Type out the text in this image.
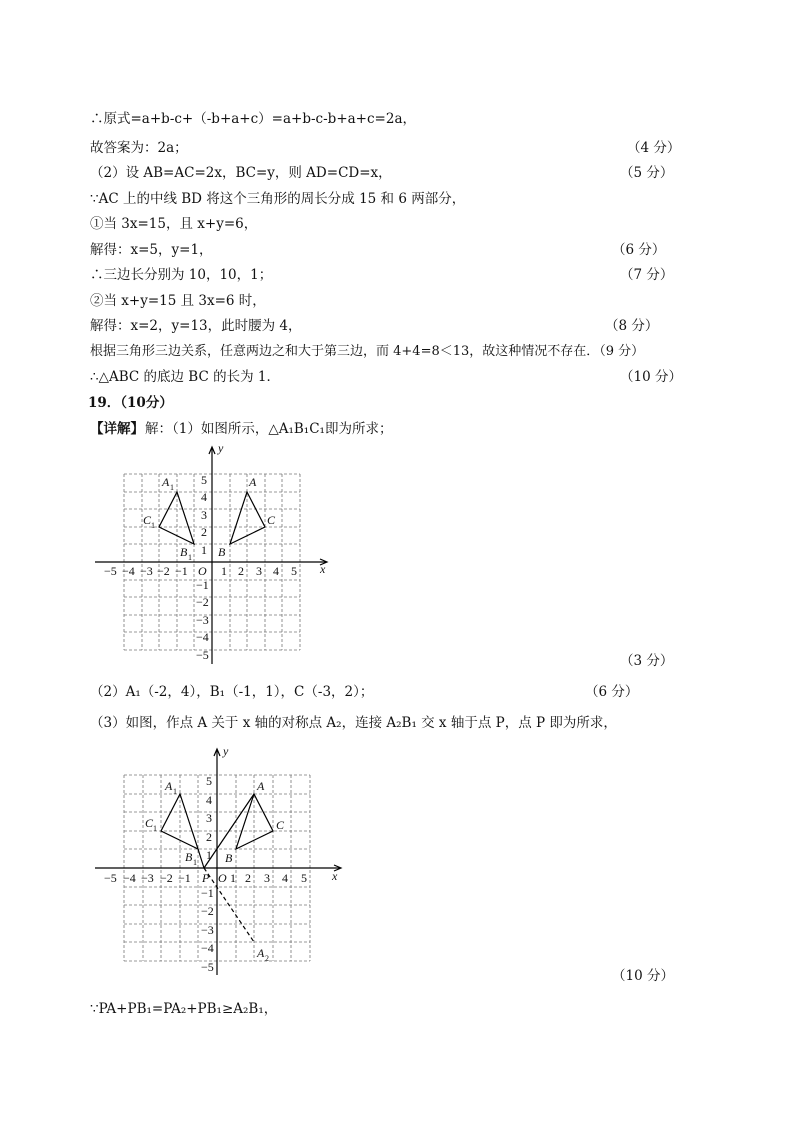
∴原式=a+b-c+（-b+a+c）=a+b-c-b+a+c=2a，
故答案为：2a；	（4 分）
（2）设 AB=AC=2x，BC=y，则 AD=CD=x，	（5 分）
∵AC 上的中线 BD 将这个三角形的周长分成 15 和 6 两部分，
①当 3x=15，且 x+y=6，
解得：x=5，y=1，	（6 分）
∴三边长分别为 10，10，1；	（7 分）
②当 x+y=15 且 3x=6 时，
解得：x=2，y=13，此时腰为 4，	（8 分）
根据三角形三边关系，任意两边之和大于第三边，而 4+4=8＜13，故这种情况不存在．（9 分）
∴△ABC 的底边 BC 的长为 1．	（10 分）
19．（10分）
【详解】 解：（1）如图所示，△A₁B₁C₁即为所求；
y
x
O
−5 −4 −3 −2 −1	1 2 3 4 5
5
4
3
2
1
−1
−2
−3
−4
−5
A
C
B
A 1
C 1
B 1
（3 分）
（2）A₁（-2，4），B₁（-1，1），C（-3，2）；	（6 分）
（3）如图，作点 A 关于 x 轴的对称点 A₂，连接 A₂B₁ 交 x 轴于点 P，点 P 即为所求，
y
x
O
P
−5 −4 −3 −2 −1	1 2 3 4 5
5
4
3
2
1
−1
−2
−3
−4
−5
A
C
B
A 1
C 1
B 1
A 2
（10 分）
∵PA+PB₁=PA₂+PB₁≥A₂B₁，
